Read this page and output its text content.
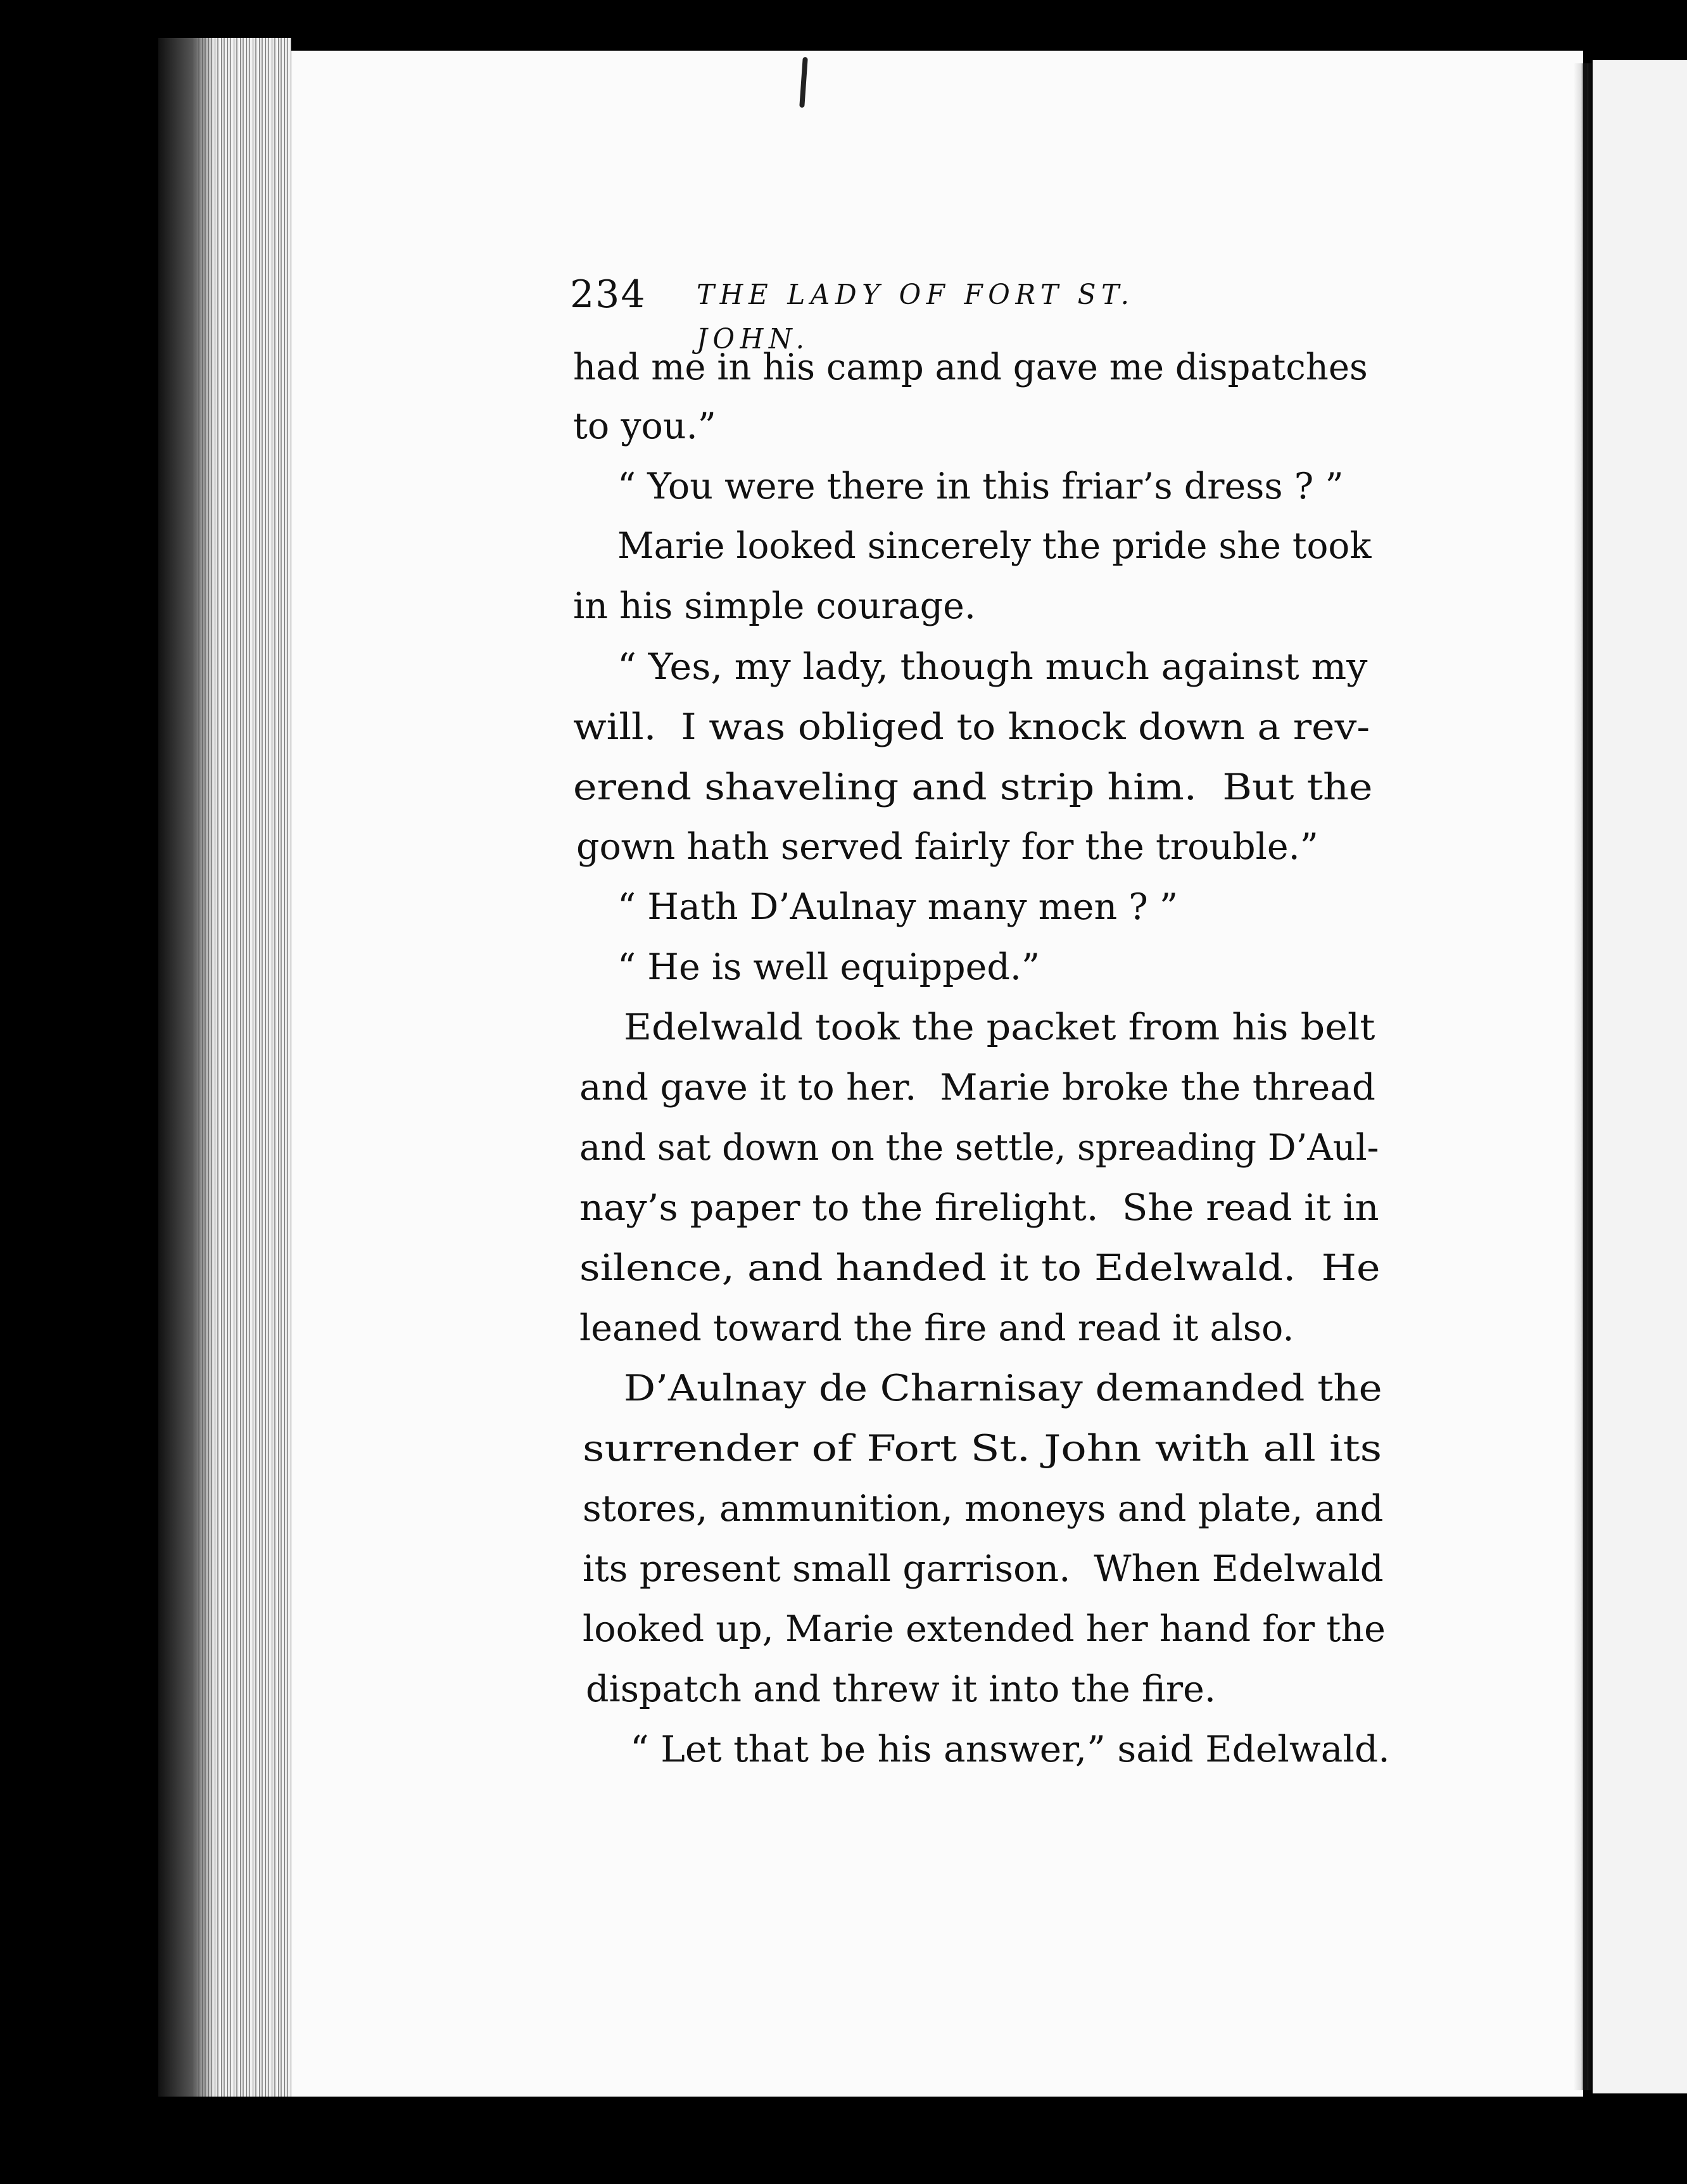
234 THE LADY OF FORT ST. JOHN.
had me in his camp and gave me dispatches
to you.”
“ You were there in this friar’s dress ? ”
Marie looked sincerely the pride she took
in his simple courage.
“ Yes, my lady, though much against my
will.  I was obliged to knock down a rev-
erend shaveling and strip him.  But the
gown hath served fairly for the trouble.”
“ Hath D’Aulnay many men ? ”
“ He is well equipped.”
Edelwald took the packet from his belt
and gave it to her.  Marie broke the thread
and sat down on the settle, spreading D’Aul-
nay’s paper to the firelight.  She read it in
silence, and handed it to Edelwald.  He
leaned toward the fire and read it also.
D’Aulnay de Charnisay demanded the
surrender of Fort St. John with all its
stores, ammunition, moneys and plate, and
its present small garrison.  When Edelwald
looked up, Marie extended her hand for the
dispatch and threw it into the fire.
“ Let that be his answer,” said Edelwald.
